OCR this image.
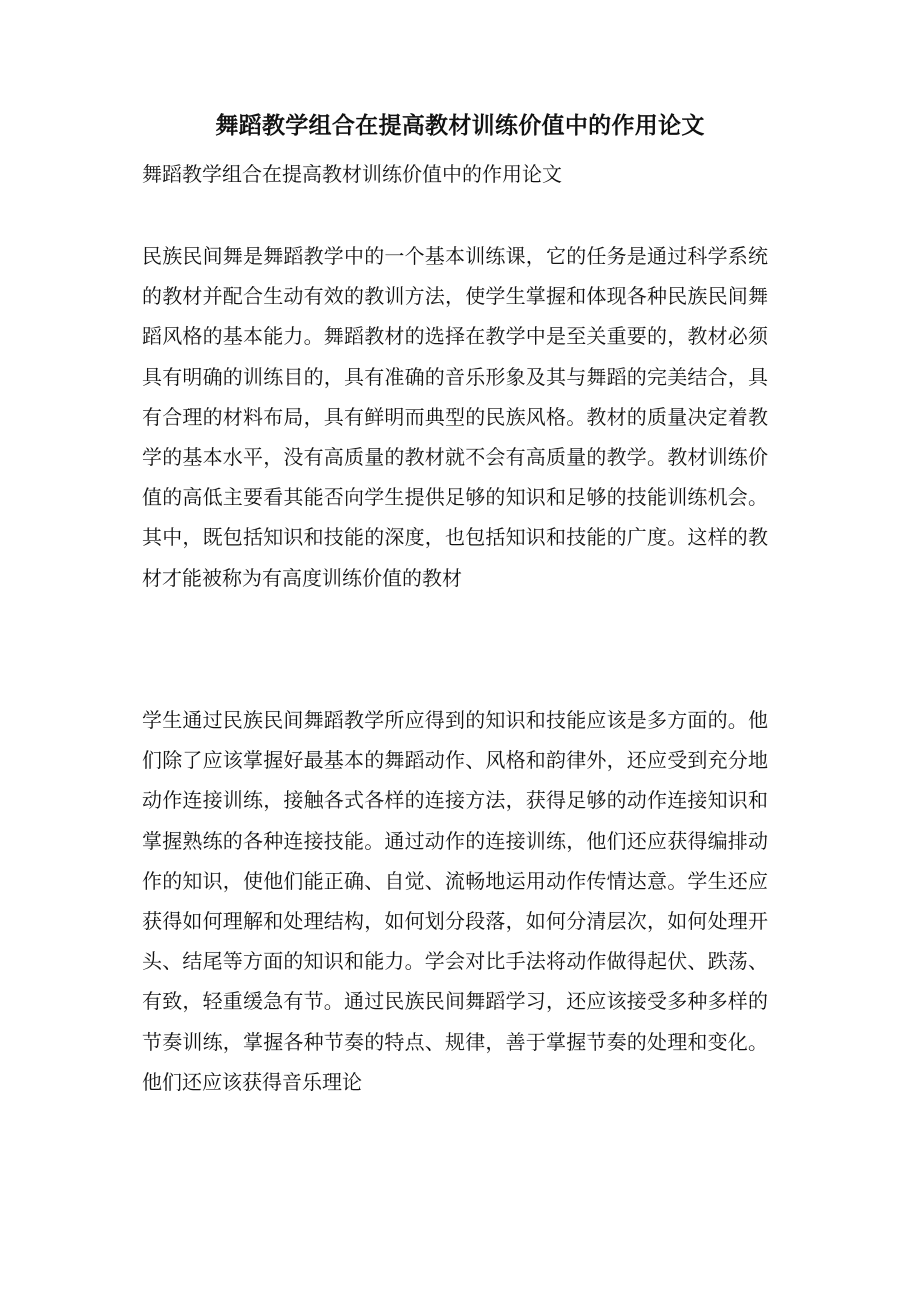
舞蹈教学组合在提高教材训练价值中的作用论文

舞蹈教学组合在提高教材训练价值中的作用论文

民族民间舞是舞蹈教学中的一个基本训练课，它的任务是通过科学系统的教材并配合生动有效的教训方法，使学生掌握和体现各种民族民间舞蹈风格的基本能力。舞蹈教材的选择在教学中是至关重要的，教材必须具有明确的训练目的，具有准确的音乐形象及其与舞蹈的完美结合，具有合理的材料布局，具有鲜明而典型的民族风格。教材的质量决定着教学的基本水平，没有高质量的教材就不会有高质量的教学。教材训练价值的高低主要看其能否向学生提供足够的知识和足够的技能训练机会。其中，既包括知识和技能的深度，也包括知识和技能的广度。这样的教材才能被称为有高度训练价值的教材

学生通过民族民间舞蹈教学所应得到的知识和技能应该是多方面的。他们除了应该掌握好最基本的舞蹈动作、风格和韵律外，还应受到充分地动作连接训练，接触各式各样的连接方法，获得足够的动作连接知识和掌握熟练的各种连接技能。通过动作的连接训练，他们还应获得编排动作的知识，使他们能正确、自觉、流畅地运用动作传情达意。学生还应获得如何理解和处理结构，如何划分段落，如何分清层次，如何处理开头、结尾等方面的知识和能力。学会对比手法将动作做得起伏、跌荡、有致，轻重缓急有节。通过民族民间舞蹈学习，还应该接受多种多样的节奏训练，掌握各种节奏的特点、规律，善于掌握节奏的处理和变化。他们还应该获得音乐理论
